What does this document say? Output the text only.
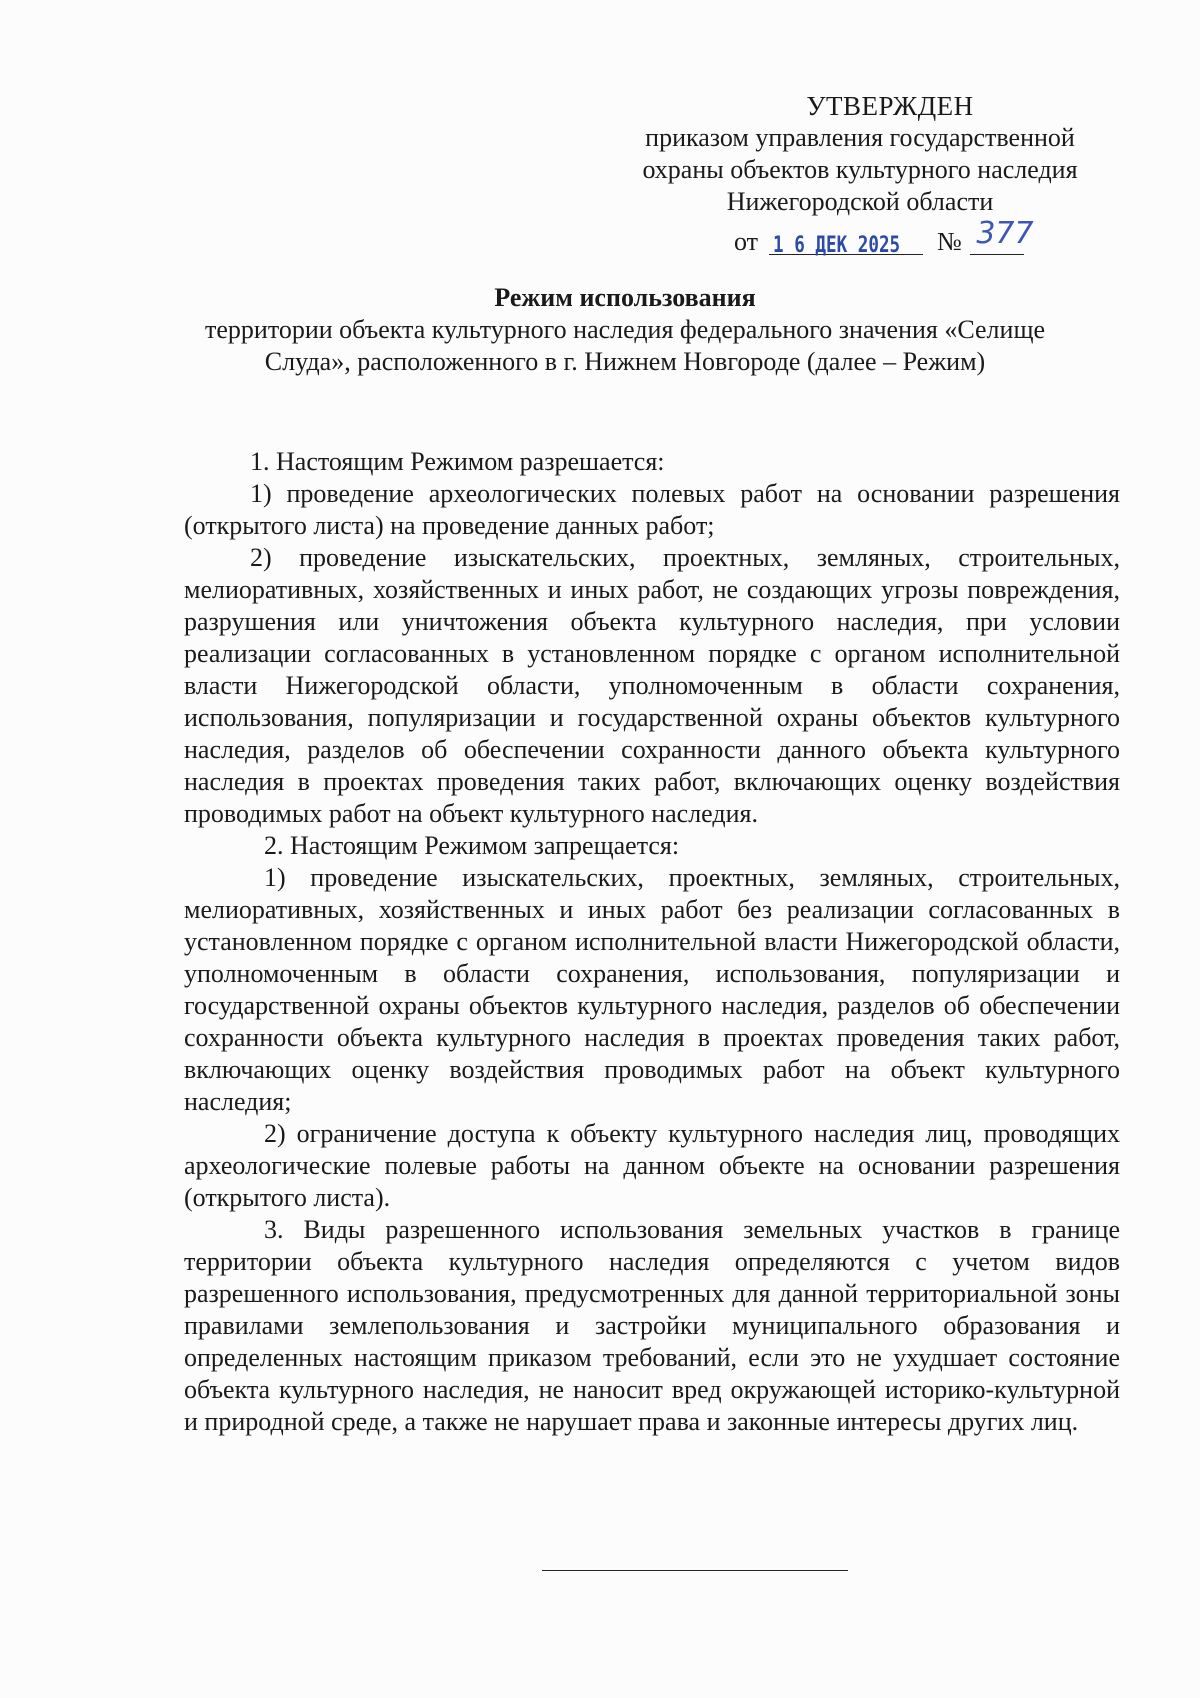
УТВЕРЖДЕН
приказом управления государственной
охраны объектов культурного наследия
Нижегородской области
от 1 6 ДЕК 2025 № 377
Режим использования
территории объекта культурного наследия федерального значения «Селище Слуда», расположенного в г. Нижнем Новгороде (далее – Режим)

1. Настоящим Режимом разрешается:

1) проведение археологических полевых работ на основании разрешения (открытого листа) на проведение данных работ;

2) проведение изыскательских, проектных, земляных, строительных, мелиоративных, хозяйственных и иных работ, не создающих угрозы повреждения, разрушения или уничтожения объекта культурного наследия, при условии реализации согласованных в установленном порядке с органом исполнительной власти Нижегородской области, уполномоченным в области сохранения, использования, популяризации и государственной охраны объектов культурного наследия, разделов об обеспечении сохранности данного объекта культурного наследия в проектах проведения таких работ, включающих оценку воздействия проводимых работ на объект культурного наследия.

2. Настоящим Режимом запрещается:

1) проведение изыскательских, проектных, земляных, строительных, мелиоративных, хозяйственных и иных работ без реализации согласованных в установленном порядке с органом исполнительной власти Нижегородской области, уполномоченным в области сохранения, использования, популяризации и государственной охраны объектов культурного наследия, разделов об обеспечении сохранности объекта культурного наследия в проектах проведения таких работ, включающих оценку воздействия проводимых работ на объект культурного наследия;

2) ограничение доступа к объекту культурного наследия лиц, проводящих археологические полевые работы на данном объекте на основании разрешения (открытого листа).

3. Виды разрешенного использования земельных участков в границе территории объекта культурного наследия определяются с учетом видов разрешенного использования, предусмотренных для данной территориальной зоны правилами землепользования и застройки муниципального образования и определенных настоящим приказом требований, если это не ухудшает состояние объекта культурного наследия, не наносит вред окружающей историко-культурной и природной среде, а также не нарушает права и законные интересы других лиц.
